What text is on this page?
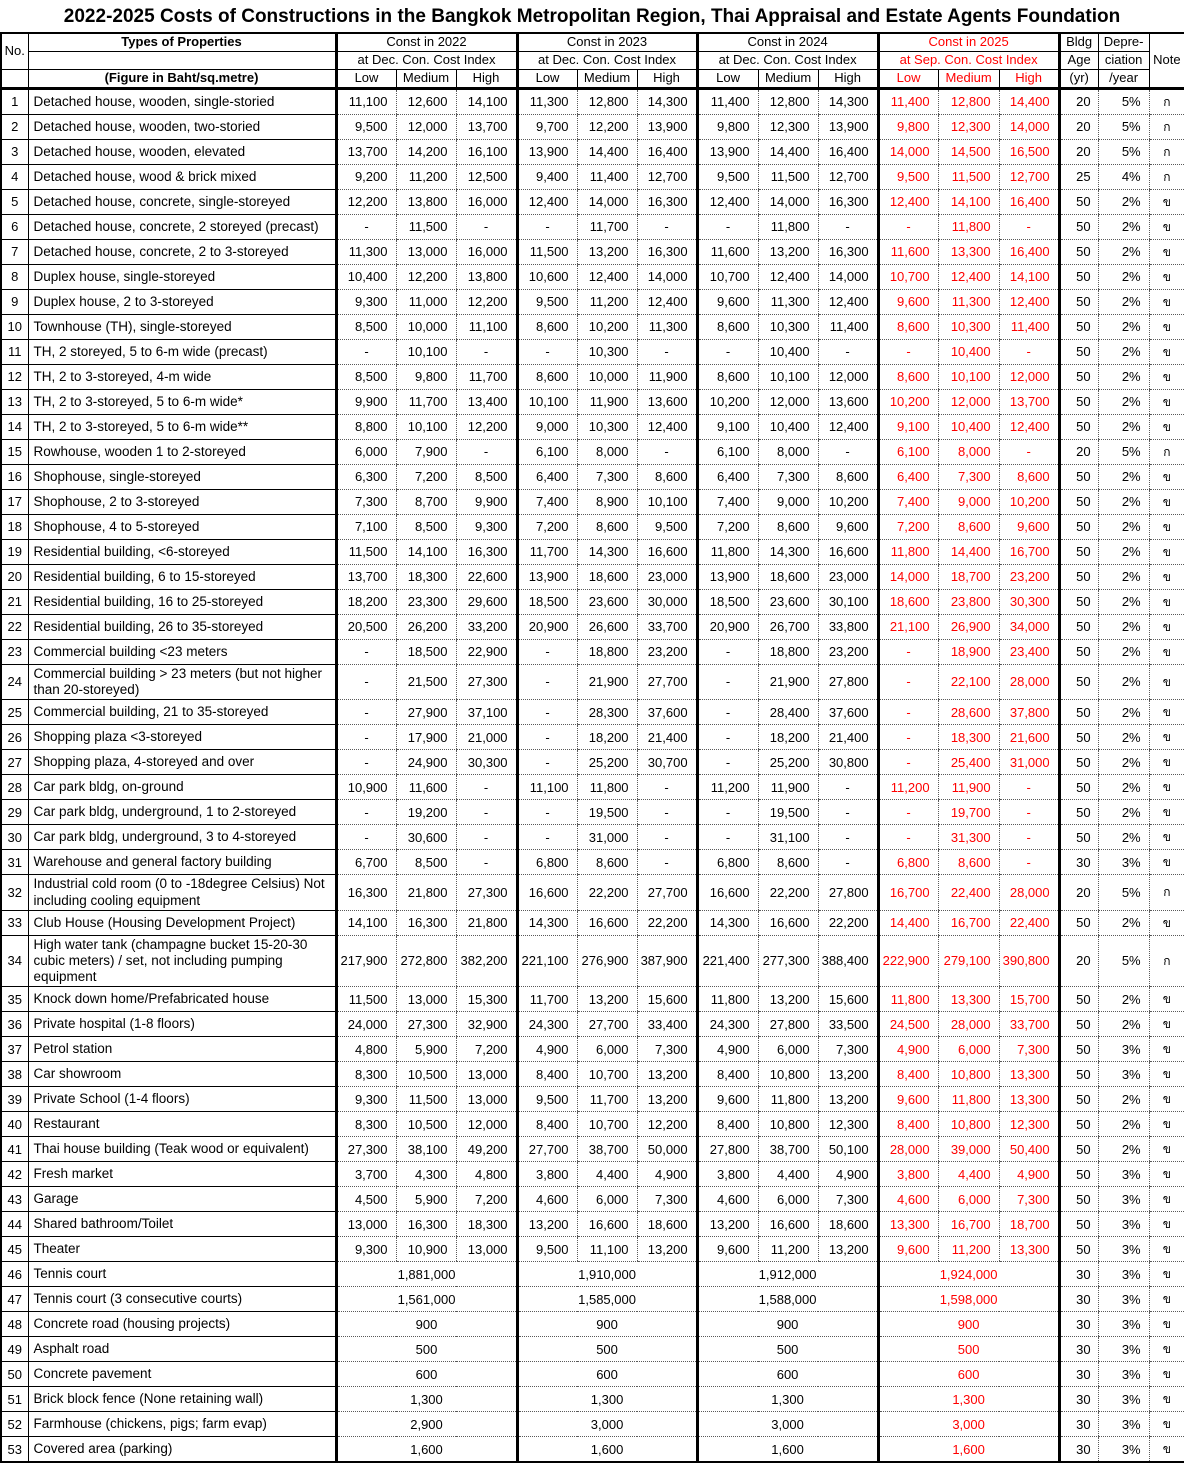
2022-2025 Costs of Constructions in the Bangkok Metropolitan Region, Thai Appraisal and Estate Agents Foundation
No.	Types of Properties	Const in 2022			Const in 2023			Const in 2024			Const in 2025			Bldg	Depre-	Note
		at Dec. Con. Cost Index			at Dec. Con. Cost Index			at Dec. Con. Cost Index			at Sep. Con. Cost Index			Age	ciation	
	(Figure in Baht/sq.metre)	Low	Medium	High	Low	Medium	High	Low	Medium	High	Low	Medium	High	(yr)	/year	
1	Detached house, wooden, single-storied	11,100	12,600	14,100	11,300	12,800	14,300	11,400	12,800	14,300	11,400	12,800	14,400	20	5%	ก
2	Detached house, wooden, two-storied	9,500	12,000	13,700	9,700	12,200	13,900	9,800	12,300	13,900	9,800	12,300	14,000	20	5%	ก
3	Detached house, wooden, elevated	13,700	14,200	16,100	13,900	14,400	16,400	13,900	14,400	16,400	14,000	14,500	16,500	20	5%	ก
4	Detached house, wood & brick mixed	9,200	11,200	12,500	9,400	11,400	12,700	9,500	11,500	12,700	9,500	11,500	12,700	25	4%	ก
5	Detached house, concrete, single-storeyed	12,200	13,800	16,000	12,400	14,000	16,300	12,400	14,000	16,300	12,400	14,100	16,400	50	2%	ข
6	Detached house, concrete, 2 storeyed (precast)	-	11,500	-	-	11,700	-	-	11,800	-	-	11,800	-	50	2%	ข
7	Detached house, concrete, 2 to 3-storeyed	11,300	13,000	16,000	11,500	13,200	16,300	11,600	13,200	16,300	11,600	13,300	16,400	50	2%	ข
8	Duplex house, single-storeyed	10,400	12,200	13,800	10,600	12,400	14,000	10,700	12,400	14,000	10,700	12,400	14,100	50	2%	ข
9	Duplex house, 2 to 3-storeyed	9,300	11,000	12,200	9,500	11,200	12,400	9,600	11,300	12,400	9,600	11,300	12,400	50	2%	ข
10	Townhouse (TH), single-storeyed	8,500	10,000	11,100	8,600	10,200	11,300	8,600	10,300	11,400	8,600	10,300	11,400	50	2%	ข
11	TH, 2 storeyed, 5 to 6-m wide (precast)	-	10,100	-	-	10,300	-	-	10,400	-	-	10,400	-	50	2%	ข
12	TH, 2 to 3-storeyed, 4-m wide	8,500	9,800	11,700	8,600	10,000	11,900	8,600	10,100	12,000	8,600	10,100	12,000	50	2%	ข
13	TH, 2 to 3-storeyed, 5 to 6-m wide*	9,900	11,700	13,400	10,100	11,900	13,600	10,200	12,000	13,600	10,200	12,000	13,700	50	2%	ข
14	TH, 2 to 3-storeyed, 5 to 6-m wide**	8,800	10,100	12,200	9,000	10,300	12,400	9,100	10,400	12,400	9,100	10,400	12,400	50	2%	ข
15	Rowhouse, wooden 1 to 2-storeyed	6,000	7,900	-	6,100	8,000	-	6,100	8,000	-	6,100	8,000	-	20	5%	ก
16	Shophouse, single-storeyed	6,300	7,200	8,500	6,400	7,300	8,600	6,400	7,300	8,600	6,400	7,300	8,600	50	2%	ข
17	Shophouse, 2 to 3-storeyed	7,300	8,700	9,900	7,400	8,900	10,100	7,400	9,000	10,200	7,400	9,000	10,200	50	2%	ข
18	Shophouse, 4 to 5-storeyed	7,100	8,500	9,300	7,200	8,600	9,500	7,200	8,600	9,600	7,200	8,600	9,600	50	2%	ข
19	Residential building, <6-storeyed	11,500	14,100	16,300	11,700	14,300	16,600	11,800	14,300	16,600	11,800	14,400	16,700	50	2%	ข
20	Residential building, 6 to 15-storeyed	13,700	18,300	22,600	13,900	18,600	23,000	13,900	18,600	23,000	14,000	18,700	23,200	50	2%	ข
21	Residential building, 16 to 25-storeyed	18,200	23,300	29,600	18,500	23,600	30,000	18,500	23,600	30,100	18,600	23,800	30,300	50	2%	ข
22	Residential building, 26 to 35-storeyed	20,500	26,200	33,200	20,900	26,600	33,700	20,900	26,700	33,800	21,100	26,900	34,000	50	2%	ข
23	Commercial building <23 meters	-	18,500	22,900	-	18,800	23,200	-	18,800	23,200	-	18,900	23,400	50	2%	ข
24	Commercial building > 23 meters (but not higher than 20-storeyed)	-	21,500	27,300	-	21,900	27,700	-	21,900	27,800	-	22,100	28,000	50	2%	ข
25	Commercial building, 21 to 35-storeyed	-	27,900	37,100	-	28,300	37,600	-	28,400	37,600	-	28,600	37,800	50	2%	ข
26	Shopping plaza <3-storeyed	-	17,900	21,000	-	18,200	21,400	-	18,200	21,400	-	18,300	21,600	50	2%	ข
27	Shopping plaza, 4-storeyed and over	-	24,900	30,300	-	25,200	30,700	-	25,200	30,800	-	25,400	31,000	50	2%	ข
28	Car park bldg, on-ground	10,900	11,600	-	11,100	11,800	-	11,200	11,900	-	11,200	11,900	-	50	2%	ข
29	Car park bldg, underground, 1 to 2-storeyed	-	19,200	-	-	19,500	-	-	19,500	-	-	19,700	-	50	2%	ข
30	Car park bldg, underground, 3 to 4-storeyed	-	30,600	-	-	31,000	-	-	31,100	-	-	31,300	-	50	2%	ข
31	Warehouse and general factory building	6,700	8,500	-	6,800	8,600	-	6,800	8,600	-	6,800	8,600	-	30	3%	ข
32	Industrial cold room (0 to -18degree Celsius) Not including cooling equipment	16,300	21,800	27,300	16,600	22,200	27,700	16,600	22,200	27,800	16,700	22,400	28,000	20	5%	ก
33	Club House (Housing Development Project)	14,100	16,300	21,800	14,300	16,600	22,200	14,300	16,600	22,200	14,400	16,700	22,400	50	2%	ข
34	High water tank (champagne bucket 15-20-30 cubic meters) / set, not including pumping equipment	217,900	272,800	382,200	221,100	276,900	387,900	221,400	277,300	388,400	222,900	279,100	390,800	20	5%	ก
35	Knock down home/Prefabricated house	11,500	13,000	15,300	11,700	13,200	15,600	11,800	13,200	15,600	11,800	13,300	15,700	50	2%	ข
36	Private hospital (1-8 floors)	24,000	27,300	32,900	24,300	27,700	33,400	24,300	27,800	33,500	24,500	28,000	33,700	50	2%	ข
37	Petrol station	4,800	5,900	7,200	4,900	6,000	7,300	4,900	6,000	7,300	4,900	6,000	7,300	50	3%	ข
38	Car showroom	8,300	10,500	13,000	8,400	10,700	13,200	8,400	10,800	13,200	8,400	10,800	13,300	50	3%	ข
39	Private School (1-4 floors)	9,300	11,500	13,000	9,500	11,700	13,200	9,600	11,800	13,200	9,600	11,800	13,300	50	2%	ข
40	Restaurant	8,300	10,500	12,000	8,400	10,700	12,200	8,400	10,800	12,300	8,400	10,800	12,300	50	2%	ข
41	Thai house building (Teak wood or equivalent)	27,300	38,100	49,200	27,700	38,700	50,000	27,800	38,700	50,100	28,000	39,000	50,400	50	2%	ข
42	Fresh market	3,700	4,300	4,800	3,800	4,400	4,900	3,800	4,400	4,900	3,800	4,400	4,900	50	3%	ข
43	Garage	4,500	5,900	7,200	4,600	6,000	7,300	4,600	6,000	7,300	4,600	6,000	7,300	50	3%	ข
44	Shared bathroom/Toilet	13,000	16,300	18,300	13,200	16,600	18,600	13,200	16,600	18,600	13,300	16,700	18,700	50	3%	ข
45	Theater	9,300	10,900	13,000	9,500	11,100	13,200	9,600	11,200	13,200	9,600	11,200	13,300	50	3%	ข
46	Tennis court	1,881,000			1,910,000			1,912,000			1,924,000			30	3%	ข
47	Tennis court (3 consecutive courts)	1,561,000			1,585,000			1,588,000			1,598,000			30	3%	ข
48	Concrete road (housing projects)	900			900			900			900			30	3%	ข
49	Asphalt road	500			500			500			500			30	3%	ข
50	Concrete pavement	600			600			600			600			30	3%	ข
51	Brick block fence (None retaining wall)	1,300			1,300			1,300			1,300			30	3%	ข
52	Farmhouse (chickens, pigs; farm evap)	2,900			3,000			3,000			3,000			30	3%	ข
53	Covered area (parking)	1,600			1,600			1,600			1,600			30	3%	ข
